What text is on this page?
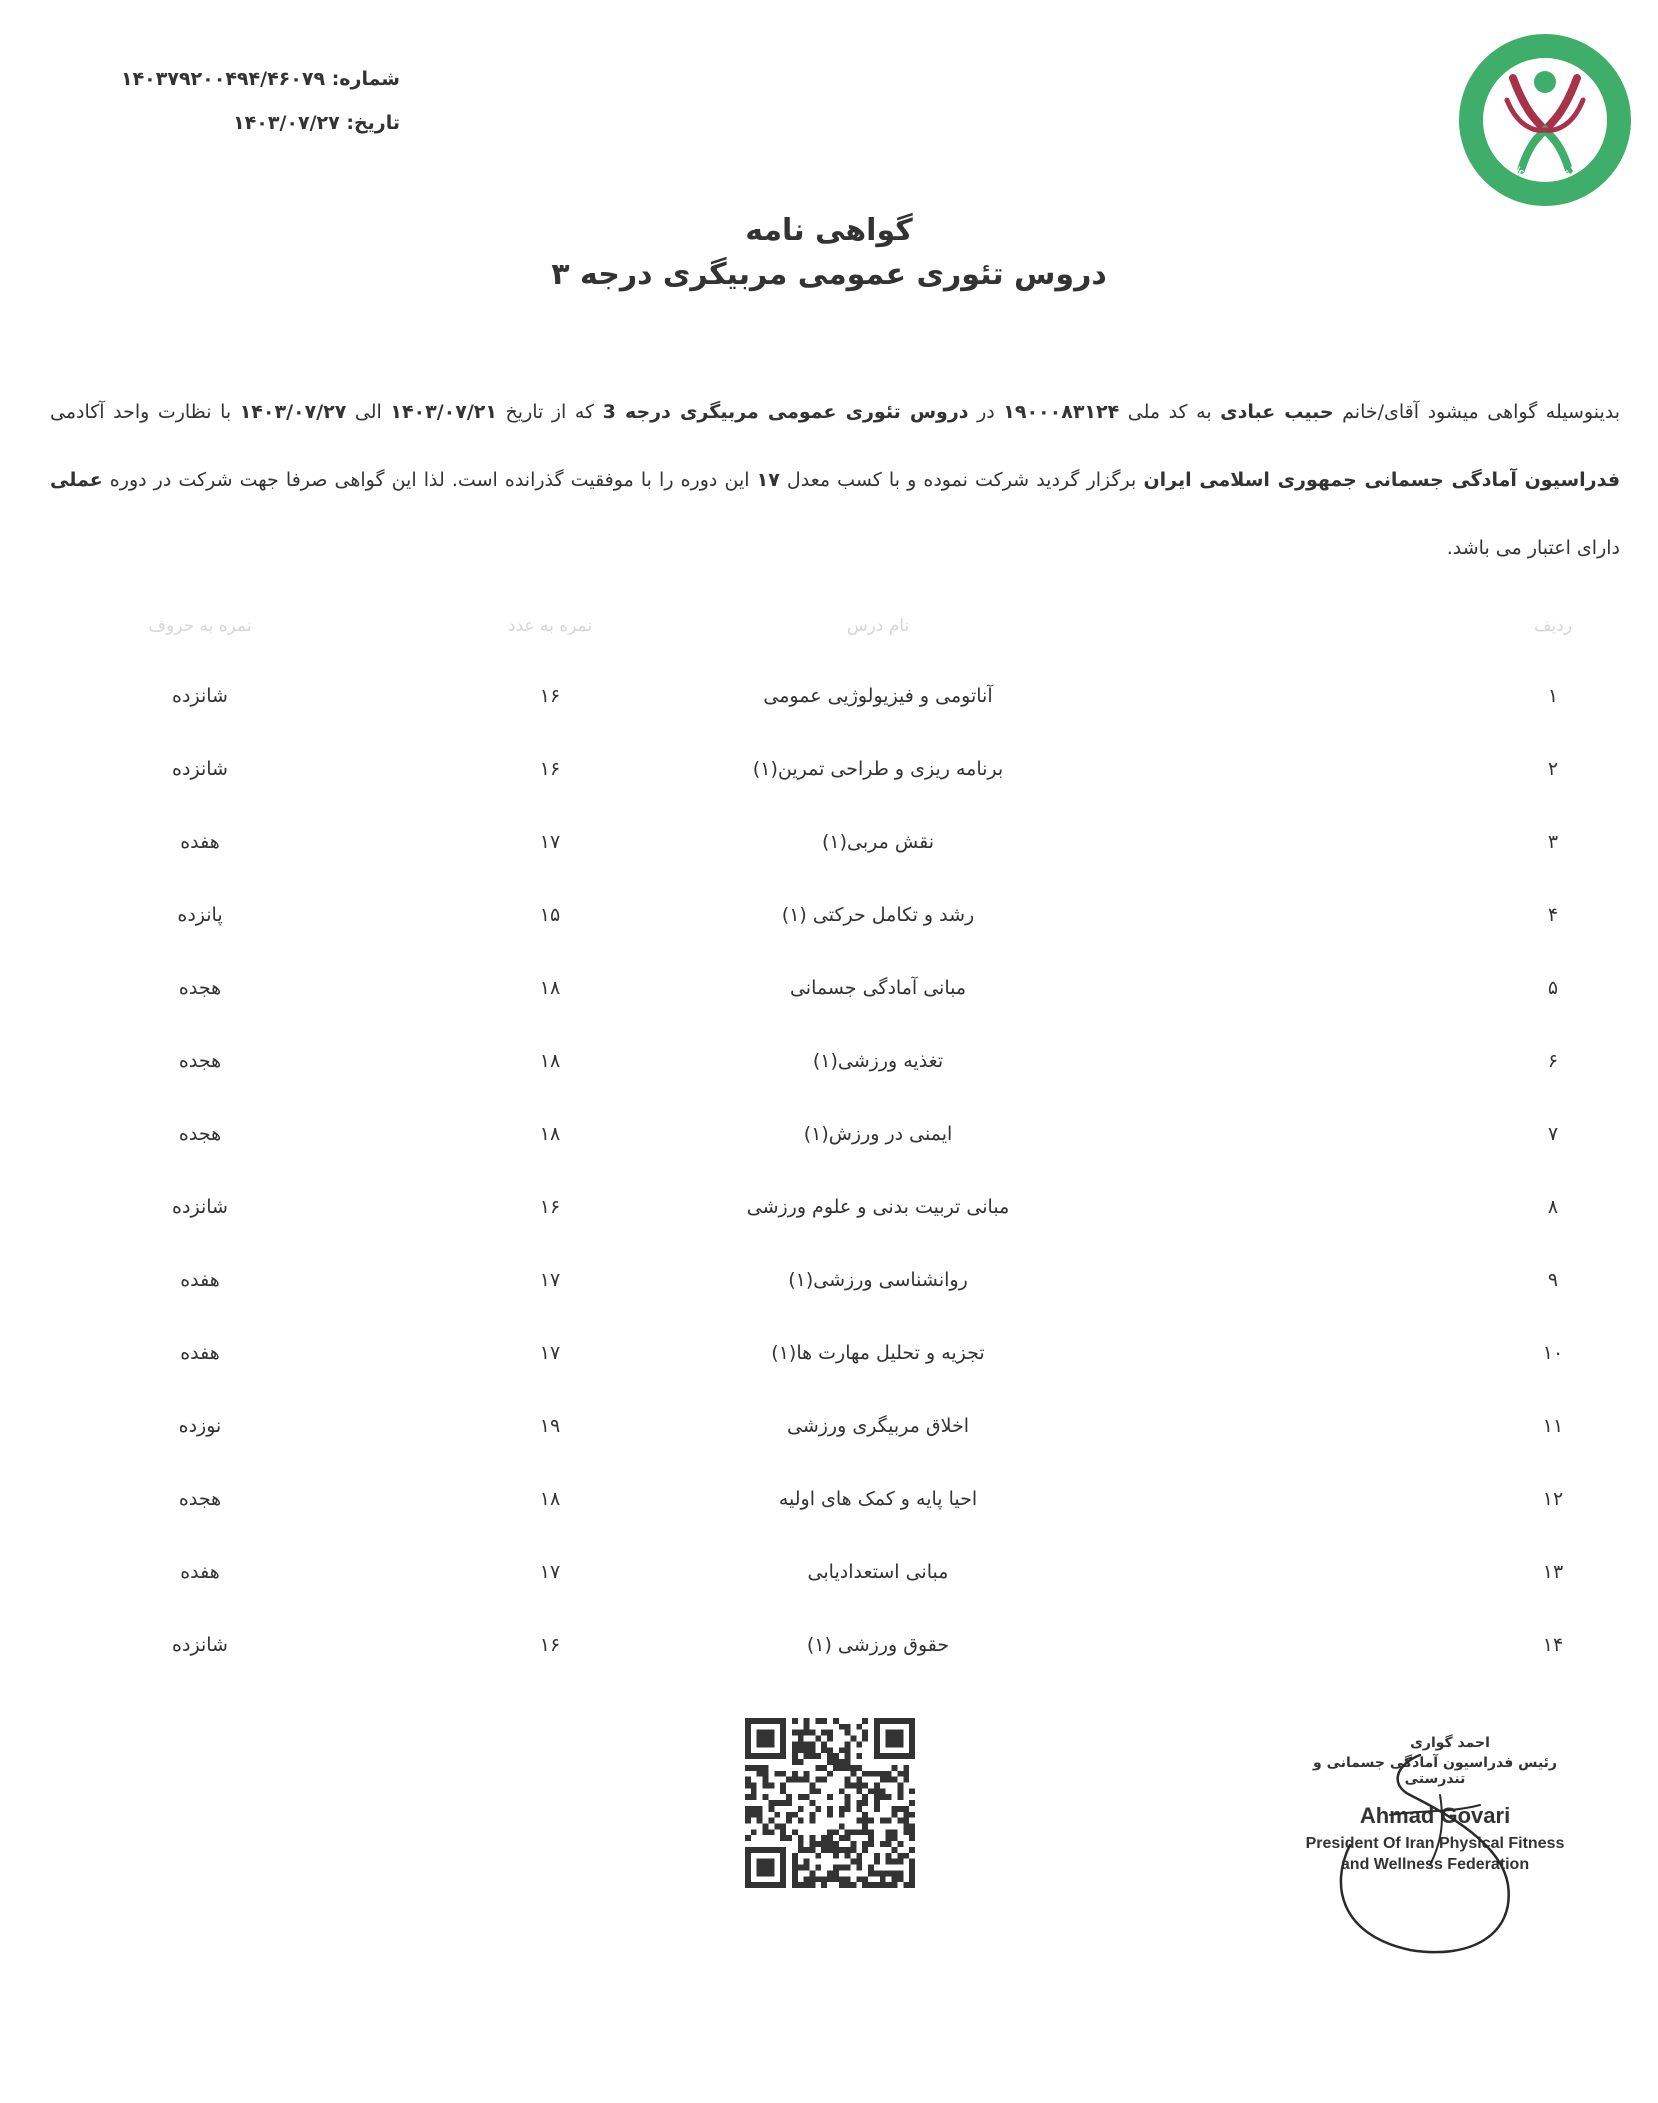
شماره: ۱۴۰۳۷۹۲۰۰۴۹۴/۴۶۰۷۹
تاریخ: ۱۴۰۳/۰۷/۲۷
Iran Physical Fitness Federation
گواهی نامه
دروس تئوری عمومی مربیگری درجه ۳
بدینوسیله گواهی میشود آقای/خانم حبیب عبادی به کد ملی ۱۹۰۰۰۸۳۱۲۴ در دروس تئوری عمومی مربیگری درجه 3 که از تاریخ ۱۴۰۳/۰۷/۲۱ الی ۱۴۰۳/۰۷/۲۷ با نظارت واحد آکادمی فدراسیون آمادگی جسمانی جمهوری اسلامی ایران برگزار گردید شرکت نموده و با کسب معدل ۱۷ این دوره را با موفقیت گذرانده است. لذا این گواهی صرفا جهت شرکت در دوره عملی دارای اعتبار می باشد.
ردیف
نام درس
نمره به عدد
نمره به حروف
۱
آناتومی و فیزیولوژیی عمومی
۱۶
شانزده
۲
برنامه ریزی و طراحی تمرین(۱)
۱۶
شانزده
۳
نقش مربی(۱)
۱۷
هفده
۴
رشد و تکامل حرکتی (۱)
۱۵
پانزده
۵
مبانی آمادگی جسمانی
۱۸
هجده
۶
تغذیه ورزشی(۱)
۱۸
هجده
۷
ایمنی در ورزش(۱)
۱۸
هجده
۸
مبانی تربیت بدنی و علوم ورزشی
۱۶
شانزده
۹
روانشناسی ورزشی(۱)
۱۷
هفده
۱۰
تجزیه و تحلیل مهارت ها(۱)
۱۷
هفده
۱۱
اخلاق مربیگری ورزشی
۱۹
نوزده
۱۲
احیا پایه و کمک های اولیه
۱۸
هجده
۱۳
مبانی استعدادیابی
۱۷
هفده
۱۴
حقوق ورزشی (۱)
۱۶
شانزده
احمد گواری
رئیس فدراسیون آمادگی جسمانی و تندرستی
Ahmad Govari
President Of Iran Physical Fitness
and Wellness Federation
